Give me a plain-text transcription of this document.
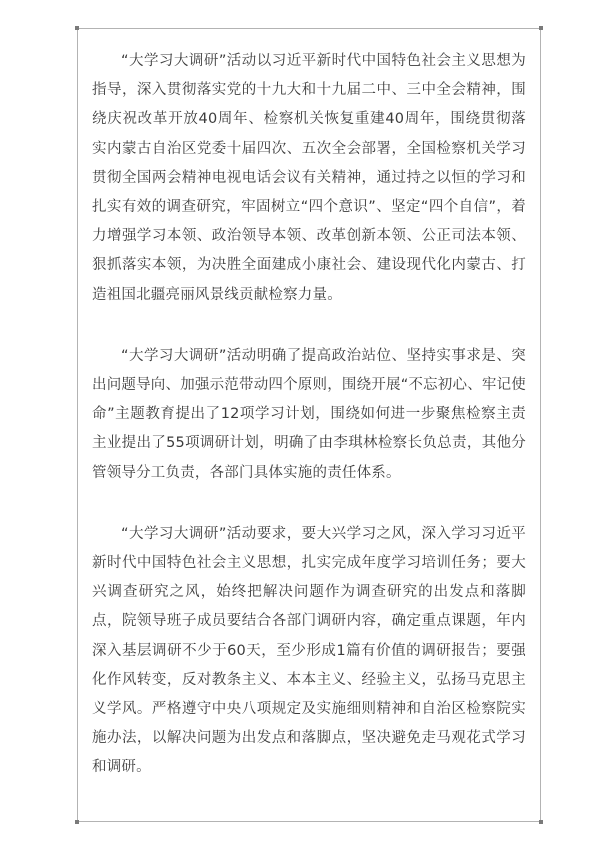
“大学习大调研”活动以习近平新时代中国特色社会主义思想为指导，深入贯彻落实党的十九大和十九届二中、三中全会精神，围绕庆祝改革开放40周年、检察机关恢复重建40周年，围绕贯彻落实内蒙古自治区党委十届四次、五次全会部署，全国检察机关学习贯彻全国两会精神电视电话会议有关精神，通过持之以恒的学习和扎实有效的调查研究，牢固树立“四个意识”、坚定“四个自信”，着力增强学习本领、政治领导本领、改革创新本领、公正司法本领、狠抓落实本领，为决胜全面建成小康社会、建设现代化内蒙古、打造祖国北疆亮丽风景线贡献检察力量。

“大学习大调研”活动明确了提高政治站位、坚持实事求是、突出问题导向、加强示范带动四个原则，围绕开展“不忘初心、牢记使命”主题教育提出了12项学习计划，围绕如何进一步聚焦检察主责主业提出了55项调研计划，明确了由李琪林检察长负总责，其他分管领导分工负责，各部门具体实施的责任体系。

“大学习大调研”活动要求，要大兴学习之风，深入学习习近平新时代中国特色社会主义思想，扎实完成年度学习培训任务；要大兴调查研究之风，始终把解决问题作为调查研究的出发点和落脚点，院领导班子成员要结合各部门调研内容，确定重点课题，年内深入基层调研不少于60天，至少形成1篇有价值的调研报告；要强化作风转变，反对教条主义、本本主义、经验主义，弘扬马克思主义学风。严格遵守中央八项规定及实施细则精神和自治区检察院实施办法，以解决问题为出发点和落脚点，坚决避免走马观花式学习和调研。
